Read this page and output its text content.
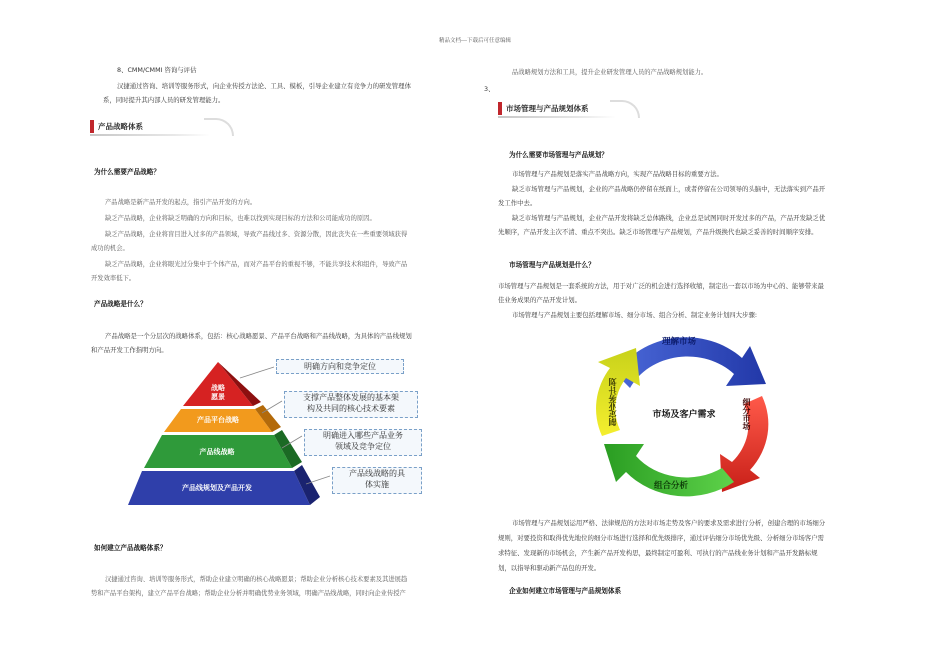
精品文档---下载后可任意编辑
8、CMM/CMMI 咨询与评估
汉捷通过咨询、培训等服务形式，向企业传授方法论、工具、模板，引导企业建立有竞争力的研发管理体
系，同时提升其内部人员的研发管理能力。
产品战略体系
为什么需要产品战略？
产品战略是新产品开发的起点，指引产品开发的方向。
缺乏产品战略，企业将缺乏明确的方向和目标，也难以找到实现目标的方法和公司能成功的原因。
缺乏产品战略，企业将盲目进入过多的产品领域，导致产品线过多、资源分散，因此丧失在一些重要领域获得
成功的机会。
缺乏产品战略，企业将眼光过分集中于个体产品，而对产品平台的重视不够，不能共享技术和组件，导致产品
开发效率低下。
产品战略是什么？
产品战略是一个分层次的战略体系，包括：核心战略愿景、产品平台战略和产品线战略，为具体的产品线规划
和产品开发工作指明方向。
战略
愿景
产品平台战略
产品线战略
产品线规划及产品开发
明确方向和竞争定位
支撑产品整体发展的基本架
构及共同的核心技术要素
明确进入哪些产品业务
领域及竞争定位
产品线战略的具
体实施
如何建立产品战略体系？
汉捷通过咨询、培训等服务形式，帮助企业建立明确的核心战略愿景；帮助企业分析核心技术要素及其进展趋
势和产品平台架构，建立产品平台战略；帮助企业分析并明确优势业务领域，明确产品线战略，同时向企业传授产
品战略规划方法和工具，提升企业研发管理人员的产品战略规划能力。
3、
市场管理与产品规划体系
为什么需要市场管理与产品规划？
市场管理与产品规划是落实产品战略方向，实现产品战略目标的重要方法。
缺乏市场管理与产品规划，企业的产品战略仍停留在纸面上，或者停留在公司领导的头脑中，无法落实到产品开
发工作中去。
缺乏市场管理与产品规划，企业产品开发将缺乏总体路线，企业总是试图同时开发过多的产品，产品开发缺乏优
先顺序，产品开发主次不清、重点不突出。缺乏市场管理与产品规划，产品升级换代也缺乏妥善的时间顺序安排。
市场管理与产品规划是什么？
市场管理与产品规划是一套系统的方法，用于对广泛的机会进行选择收缩，制定出一套以市场为中心的、能够带来最
佳业务成果的产品开发计划。
市场管理与产品规划主要包括理解市场、细分市场、组合分析、制定业务计划四大步骤:
市场及客户需求
理解市场
细分市场
组合分析
制定业务计划
市场管理与产品规划运用严格、法律规范的方法对市场走势及客户的要求及需求进行分析，创建合理的市场细分
规则，对要投资和取得优先地位的细分市场进行选择和优先级排序，通过评估细分市场优先级、分析细分市场客户需
求特征、发现新的市场机会，产生新产品开发构思，最终制定可盈利、可执行的产品线业务计划和产品开发路标规
划，以指导和驱动新产品包的开发。
企业如何建立市场管理与产品规划体系
